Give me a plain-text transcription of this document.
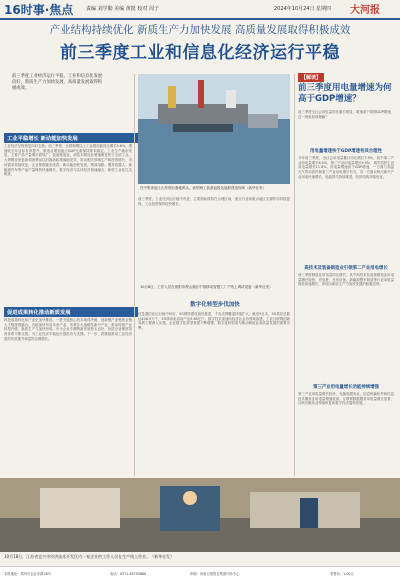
16时事·焦点	责编 刘学勤 美编 黄挺 校对 周子	2024年10月24日 星期四 大河报
产业结构持续优化 新质生产力加快发展 高质量发展取得积极成效
前三季度工业和信息化经济运行平稳
前三季度工业经济运行平稳，工业和信息化发展向好，新质生产力加快发展，高质量发展取得积极成效。
工业平稳增长 新动能加快发展
工业经济呈现恢复向好态势。前三季度，全国规模以上工业增加值同比增长5.8%，增速较全年目标有所提升，制造业增加值占GDP比重保持基本稳定。工业生产稳步恢复，主要产品产量增长面较广，装备制造业、高技术制造业增速明显快于全部工业。大规模设备更新和消费品以旧换新政策落地见效，带动相关领域生产和投资增长，市场需求持续恢复，企业预期逐步改善。新动能加快发展，集成电路、服务机器人、新能源汽车等产品产量保持快速增长，数字经济与实体经济加速融合，新型工业化扎实推进。
促进成果转化推动新质发展
科技成果转化和产业化加快推进，一批关键核心技术取得突破，创新链产业链资金链人才链深度融合。各地加快布局未来产业，培育壮大战略性新兴产业，推动传统产业转型升级，新质生产力加快形成。中小企业专精特新发展势头良好，优质企业梯度培育体系不断完善，为工业经济平稳运行提供有力支撑。下一步，将继续推动工业经济质的有效提升和量的合理增长。
在中集来福士山东烟台基地码头，新型海工装备起抵达福船建造现场（新华社发）
前三季度，工业经济运行稳中有进，主要指标保持在合理区间，重点行业和重点地区支撑作用持续显现，工业投资保持较快增长。
10月8日，工作人员在贵阳市观山湖区中国移动智慧工厂产线上调试设备（新华社发）
数字化转型步伐加快
信息通信业运行稳中向好，5G网络建设加快推进，千兆光网覆盖持续扩大。截至9月末，5G基站总数达408.9万个，5G移动电话用户达9.66亿户。数字技术加速向经济社会各领域渗透，工业互联网创新发展工程深入实施，企业数字化转型意愿不断增强，数字化转型成为推动制造业高质量发展的重要引擎。
【解读】
前三季度用电量增速为何高于GDP增速？
前三季度全社会用电量同比增长明显，增速高于同期GDP增速，这一现象如何理解？
用电量增速快于GDP增速有其合理性
今年前三季度，全社会用电量累计同比增长7.9%，其中第二产业用电量增长6.0%，第三产业用电量增长9.9%，城乡居民生活用电量增长11.6%。用电量增速高于GDP增速，一方面与高温天气带动居民和第三产业用电增长有关，另一方面反映出新兴产业用电快速增长，电能替代持续推进，经济结构持续优化。
高技术及装备制造业引领第二产业用电增长
前三季度制造业用电量同比增长，其中高技术及装备制造业用电量增长较快，充电桩、光伏设备、新能源整车制造等行业用电量保持高速增长，体现出新质生产力加快发展的积极态势。
第三产业用电量增长动能持续增强
第三产业用电量增长较快，充换电服务业、信息传输软件和信息技术服务业用电量增速较高，互联网数据服务用电量增长显著，反映出服务业持续恢复和数字经济蓬勃发展。
10月18日，江苏省宜兴市经济技术开发区内一家企业的工作人员在生产线上作业。（新华社发）
本报地址：郑州市农业东路28号	电话：0371-65795888	印刷：河南日报报业集团印务中心	零售价：1.00元
